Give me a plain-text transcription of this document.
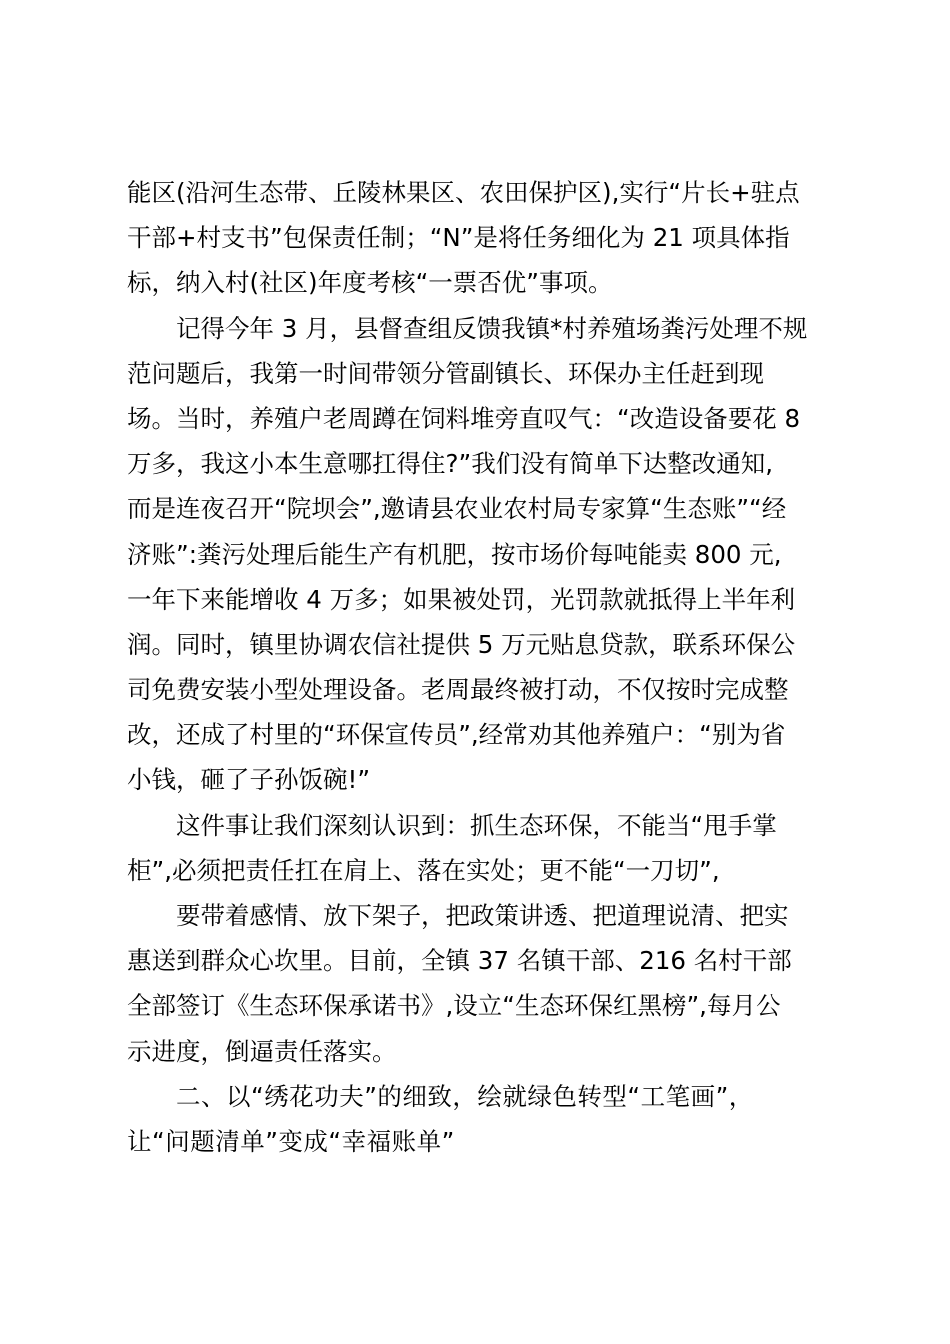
能区(沿河生态带、丘陵林果区、农田保护区),实行“片长+驻点
干部+村支书”包保责任制；“N”是将任务细化为 21 项具体指
标，纳入村(社区)年度考核“一票否优”事项。

记得今年 3 月，县督查组反馈我镇*村养殖场粪污处理不规
范问题后，我第一时间带领分管副镇长、环保办主任赶到现
场。当时，养殖户老周蹲在饲料堆旁直叹气：“改造设备要花 8
万多，我这小本生意哪扛得住?”我们没有简单下达整改通知,
而是连夜召开“院坝会”,邀请县农业农村局专家算“生态账”“经
济账”:粪污处理后能生产有机肥，按市场价每吨能卖 800 元,
一年下来能增收 4 万多；如果被处罚，光罚款就抵得上半年利
润。同时，镇里协调农信社提供 5 万元贴息贷款，联系环保公
司免费安装小型处理设备。老周最终被打动，不仅按时完成整
改，还成了村里的“环保宣传员”,经常劝其他养殖户：“别为省
小钱，砸了子孙饭碗!”

这件事让我们深刻认识到：抓生态环保，不能当“甩手掌
柜”,必须把责任扛在肩上、落在实处；更不能“一刀切”,

要带着感情、放下架子，把政策讲透、把道理说清、把实
惠送到群众心坎里。目前，全镇 37 名镇干部、216 名村干部
全部签订《生态环保承诺书》,设立“生态环保红黑榜”,每月公
示进度，倒逼责任落实。

二、以“绣花功夫”的细致，绘就绿色转型“工笔画”，
让“问题清单”变成“幸福账单”
